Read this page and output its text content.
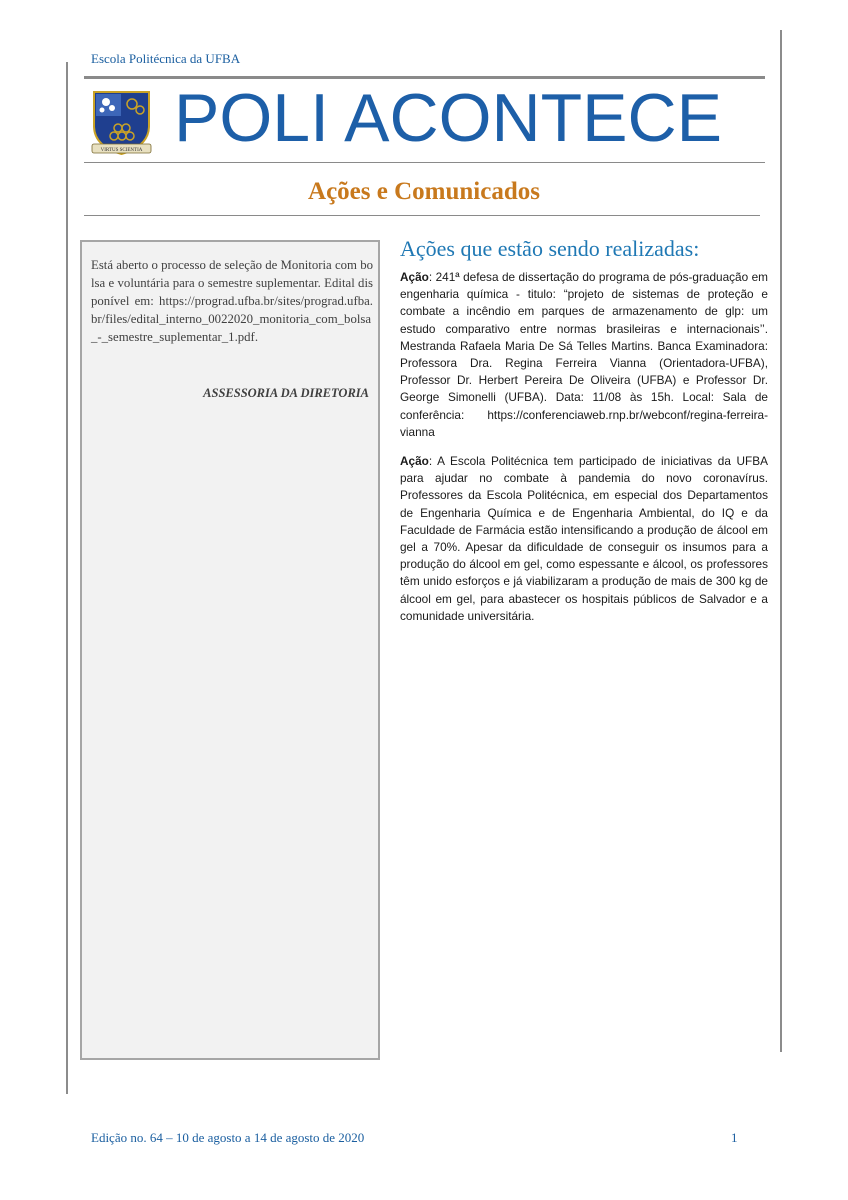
Escola Politécnica da UFBA
VIRTUS SCIENTIA POLI ACONTECE
Ações e Comunicados
Está aberto o processo de seleção de Monitoria com bolsa e voluntária para o semestre suplementar. Edital disponível em: https://prograd.ufba.br/sites/prograd.ufba.br/files/edital_interno_0022020_monitoria_com_bolsa_-_semestre_suplementar_1.pdf.
ASSESSORIA DA DIRETORIA
Ações que estão sendo realizadas:
Ação: 241ª defesa de dissertação do programa de pós-graduação em engenharia química - titulo: “projeto de sistemas de proteção e combate a incêndio em parques de armazenamento de glp: um estudo comparativo entre normas brasileiras e internacionais’’. Mestranda Rafaela Maria De Sá Telles Martins. Banca Examinadora: Professora Dra. Regina Ferreira Vianna (Orientadora-UFBA), Professor Dr. Herbert Pereira De Oliveira (UFBA) e Professor Dr. George Simonelli (UFBA). Data: 11/08 às 15h. Local: Sala de conferência: https://conferenciaweb.rnp.br/webconf/regina-ferreira-vianna
Ação: A Escola Politécnica tem participado de iniciativas da UFBA para ajudar no combate à pandemia do novo coronavírus. Professores da Escola Politécnica, em especial dos Departamentos de Engenharia Química e de Engenharia Ambiental, do IQ e da Faculdade de Farmácia estão intensificando a produção de álcool em gel a 70%. Apesar da dificuldade de conseguir os insumos para a produção do álcool em gel, como espessante e álcool, os professores têm unido esforços e já viabilizaram a produção de mais de 300 kg de álcool em gel, para abastecer os hospitais públicos de Salvador e a comunidade universitária.
Edição no. 64 – 10 de agosto a 14 de agosto de 2020	1
